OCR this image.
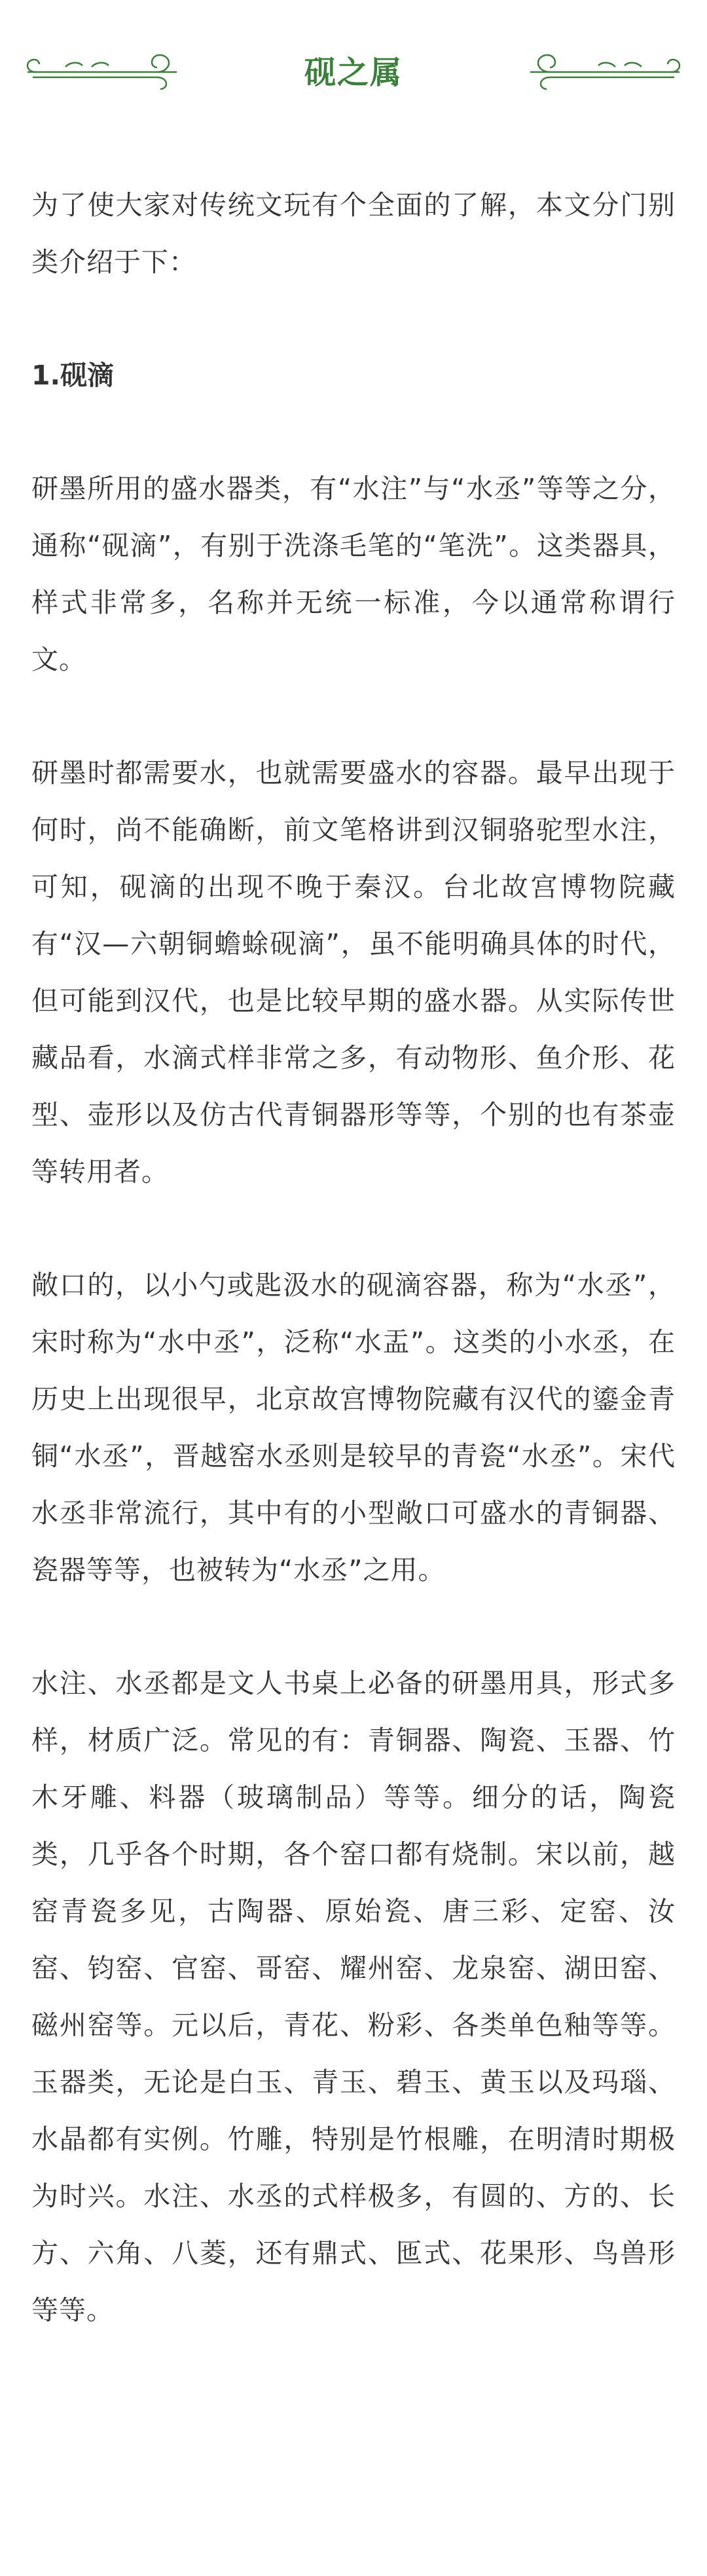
砚之属

为了使大家对传统文玩有个全面的了解，本文分门别类介绍于下：

1.砚滴

研墨所用的盛水器类，有“水注”与“水丞”等等之分，通称“砚滴”，有别于洗涤毛笔的“笔洗”。这类器具，样式非常多，名称并无统一标准，今以通常称谓行文。

研墨时都需要水，也就需要盛水的容器。最早出现于何时，尚不能确断，前文笔格讲到汉铜骆驼型水注，可知，砚滴的出现不晚于秦汉。台北故宫博物院藏有“汉—六朝铜蟾蜍砚滴”，虽不能明确具体的时代，但可能到汉代，也是比较早期的盛水器。从实际传世藏品看，水滴式样非常之多，有动物形、鱼介形、花型、壶形以及仿古代青铜器形等等，个别的也有茶壶等转用者。

敞口的，以小勺或匙汲水的砚滴容器，称为“水丞”，宋时称为“水中丞”，泛称“水盂”。这类的小水丞，在历史上出现很早，北京故宫博物院藏有汉代的鎏金青铜“水丞”，晋越窑水丞则是较早的青瓷“水丞”。宋代水丞非常流行，其中有的小型敞口可盛水的青铜器、瓷器等等，也被转为“水丞”之用。

水注、水丞都是文人书桌上必备的研墨用具，形式多样，材质广泛。常见的有：青铜器、陶瓷、玉器、竹木牙雕、料器（玻璃制品）等等。细分的话，陶瓷类，几乎各个时期，各个窑口都有烧制。宋以前，越窑青瓷多见，古陶器、原始瓷、唐三彩、定窑、汝窑、钧窑、官窑、哥窑、耀州窑、龙泉窑、湖田窑、磁州窑等。元以后，青花、粉彩、各类单色釉等等。玉器类，无论是白玉、青玉、碧玉、黄玉以及玛瑙、水晶都有实例。竹雕，特别是竹根雕，在明清时期极为时兴。水注、水丞的式样极多，有圆的、方的、长方、六角、八菱，还有鼎式、匜式、花果形、鸟兽形等等。
